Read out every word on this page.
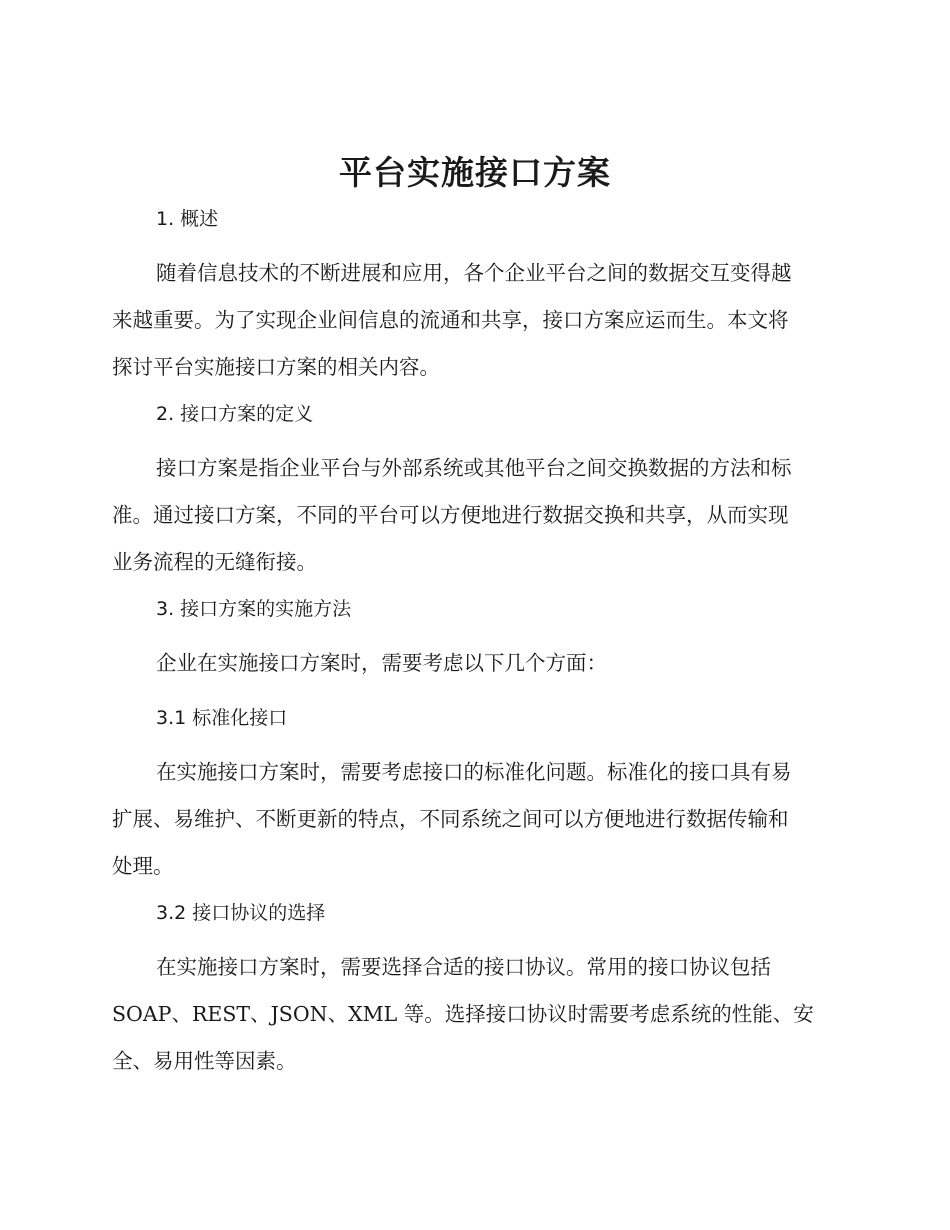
平台实施接口方案
1. 概述

随着信息技术的不断进展和应用，各个企业平台之间的数据交互变得越
来越重要。为了实现企业间信息的流通和共享，接口方案应运而生。本文将
探讨平台实施接口方案的相关内容。

2. 接口方案的定义

接口方案是指企业平台与外部系统或其他平台之间交换数据的方法和标
准。通过接口方案，不同的平台可以方便地进行数据交换和共享，从而实现
业务流程的无缝衔接。

3. 接口方案的实施方法

企业在实施接口方案时，需要考虑以下几个方面：

3.1 标准化接口

在实施接口方案时，需要考虑接口的标准化问题。标准化的接口具有易
扩展、易维护、不断更新的特点，不同系统之间可以方便地进行数据传输和
处理。

3.2 接口协议的选择

在实施接口方案时，需要选择合适的接口协议。常用的接口协议包括
SOAP、REST、JSON、XML 等。选择接口协议时需要考虑系统的性能、安
全、易用性等因素。
